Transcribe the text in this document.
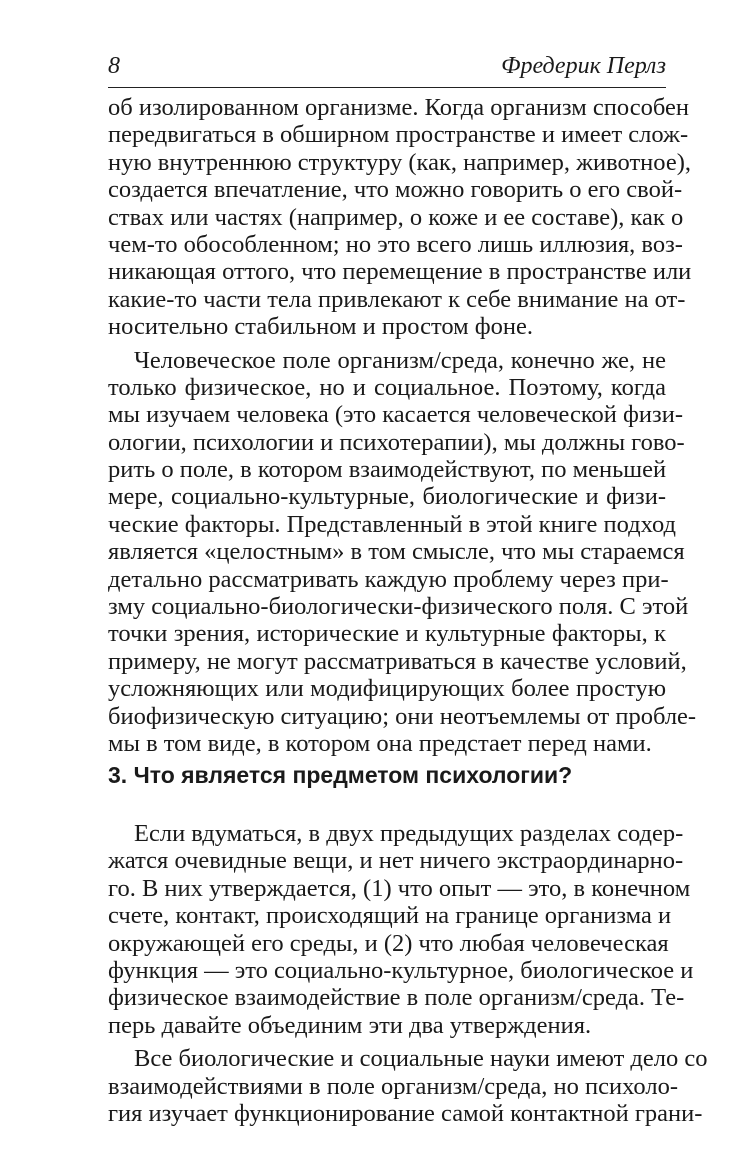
8	Фредерик Перлз
об изолированном организме. Когда организм способен
передвигаться в обширном пространстве и имеет слож-
ную внутреннюю структуру (как, например, животное),
создается впечатление, что можно говорить о его свой-
ствах или частях (например, о коже и ее составе), как о
чем-то обособленном; но это всего лишь иллюзия, воз-
никающая оттого, что перемещение в пространстве или
какие-то части тела привлекают к себе внимание на от-
носительно стабильном и простом фоне.
Человеческое поле организм/среда, конечно же, не
только физическое, но и социальное. Поэтому, когда
мы изучаем человека (это касается человеческой физи-
ологии, психологии и психотерапии), мы должны гово-
рить о поле, в котором взаимодействуют, по меньшей
мере, социально-культурные, биологические и физи-
ческие факторы. Представленный в этой книге подход
является «целостным» в том смысле, что мы стараемся
детально рассматривать каждую проблему через при-
зму социально-биологически-физического поля. С этой
точки зрения, исторические и культурные факторы, к
примеру, не могут рассматриваться в качестве условий,
усложняющих или модифицирующих более простую
биофизическую ситуацию; они неотъемлемы от пробле-
мы в том виде, в котором она предстает перед нами.
3. Что является предметом психологии?
Если вдуматься, в двух предыдущих разделах содер-
жатся очевидные вещи, и нет ничего экстраординарно-
го. В них утверждается, (1) что опыт — это, в конечном
счете, контакт, происходящий на границе организма и
окружающей его среды, и (2) что любая человеческая
функция — это социально-культурное, биологическое и
физическое взаимодействие в поле организм/среда. Те-
перь давайте объединим эти два утверждения.
Все биологические и социальные науки имеют дело со
взаимодействиями в поле организм/среда, но психоло-
гия изучает функционирование самой контактной грани-
